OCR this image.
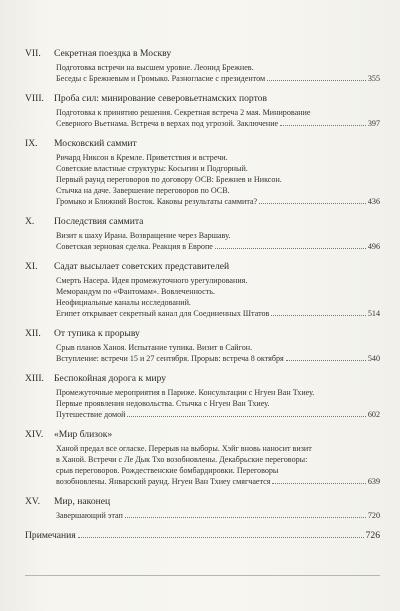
VII.	Секретная поездка в Москву
Подготовка встречи на высшем уровне. Леонид Брежнев.
Беседы с Брежневым и Громыко. Разногласие с президентом	355
VIII.	Проба сил: минирование северовьетнамских портов
Подготовка к принятию решения. Секретная встреча 2 мая. Минирование
Северного Вьетнама. Встреча в верхах под угрозой. Заключение	397
IX.	Московский саммит
Ричард Никсон в Кремле. Приветствия и встречи.
Советские властные структуры: Косыгин и Подгорный.
Первый раунд переговоров по договору ОСВ: Брежнев и Никсон.
Стычка на даче. Завершение переговоров по ОСВ.
Громыко и Ближний Восток. Каковы результаты саммита?	436
X.	Последствия саммита
Визит к шаху Ирана. Возвращение через Варшаву.
Советская зерновая сделка. Реакция в Европе	496
XI.	Садат высылает советских представителей
Смерть Насера. Идея промежуточного урегулирования.
Меморандум по «Фантомам». Вовлеченность.
Неофициальные каналы исследований.
Египет открывает секретный канал для Соединенных Штатов	514
XII.	От тупика к прорыву
Срыв планов Ханоя. Испытание тупика. Визит в Сайгон.
Вступление: встречи 15 и 27 сентября. Прорыв: встреча 8 октября	540
XIII.	Беспокойная дорога к миру
Промежуточные мероприятия в Париже. Консультации с Нгуен Ван Тхиеу.
Первые проявления недовольства. Стычка с Нгуен Ван Тхиеу.
Путешествие домой	602
XIV.	«Мир близок»
Ханой предал все огласке. Перерыв на выборы. Хэйг вновь наносит визит
в Ханой. Встречи с Ле Дык Тхо возобновлены. Декабрьские переговоры:
срыв переговоров. Рождественские бомбардировки. Переговоры
возобновлены. Январский раунд. Нгуен Ван Тхиеу смягчается	639
XV.	Мир, наконец
Завершающий этап	720
Примечания	726
